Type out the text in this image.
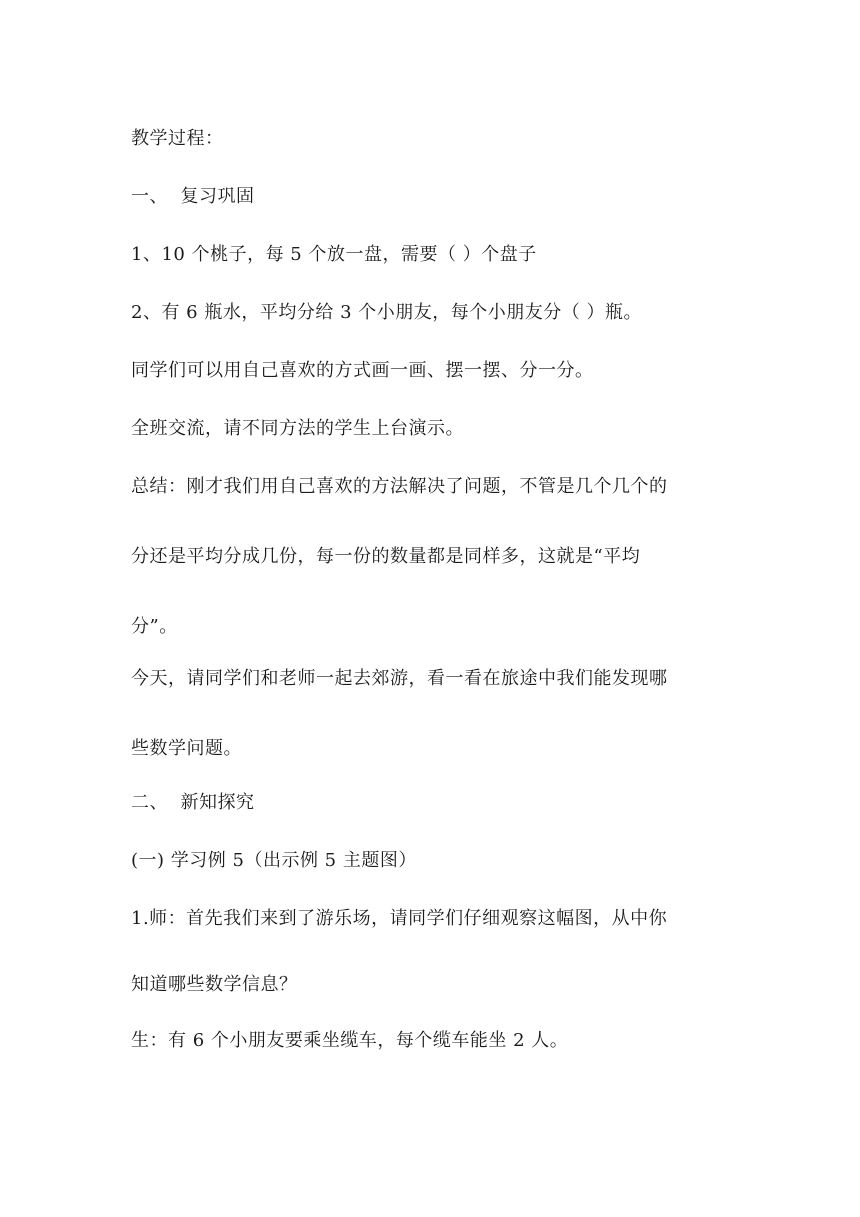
教学过程：
一、  复习巩固
1、10 个桃子，每 5 个放一盘，需要（ ）个盘子
2、有 6 瓶水，平均分给 3 个小朋友，每个小朋友分（ ）瓶。
同学们可以用自己喜欢的方式画一画、摆一摆、分一分。
全班交流，请不同方法的学生上台演示。
总结：刚才我们用自己喜欢的方法解决了问题，不管是几个几个的
分还是平均分成几份，每一份的数量都是同样多，这就是“平均
分”。
今天，请同学们和老师一起去郊游，看一看在旅途中我们能发现哪
些数学问题。
二、  新知探究
(一) 学习例 5（出示例 5 主题图）
1.师：首先我们来到了游乐场，请同学们仔细观察这幅图，从中你
知道哪些数学信息？
生：有 6 个小朋友要乘坐缆车，每个缆车能坐 2 人。
